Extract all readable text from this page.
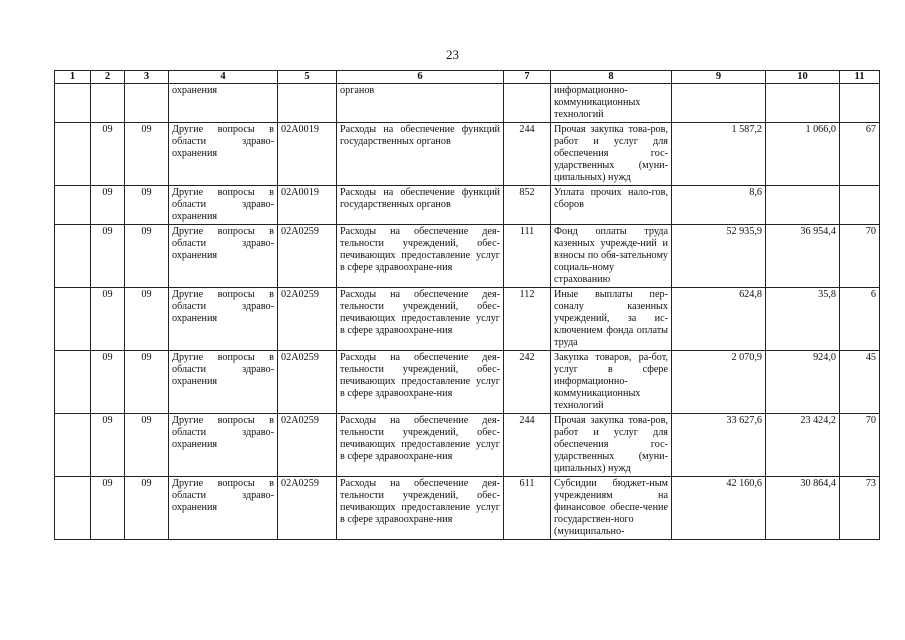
23
1	2	3	4	5	6	7	8	9	10	11
			охранения		органов		информационно-коммуникационных технологий			
	09	09	Другие вопросы в области здраво-охранения	02А0019	Расходы на обеспечение функций государственных органов	244	Прочая закупка това-ров, работ и услуг для обеспечения гос-ударственных (муни-ципальных) нужд	1 587,2	1 066,0	67
	09	09	Другие вопросы в области здраво-охранения	02А0019	Расходы на обеспечение функций государственных органов	852	Уплата прочих нало-гов, сборов	8,6		
	09	09	Другие вопросы в области здраво-охранения	02А0259	Расходы на обеспечение дея-тельности учреждений, обес-печивающих предоставление услуг в сфере здравоохране-ния	111	Фонд оплаты труда казенных учрежде-ний и взносы по обя-зательному социаль-ному страхованию	52 935,9	36 954,4	70
	09	09	Другие вопросы в области здраво-охранения	02А0259	Расходы на обеспечение дея-тельности учреждений, обес-печивающих предоставление услуг в сфере здравоохране-ния	112	Иные выплаты пер-соналу казенных учреждений, за ис-ключением фонда оплаты труда	624,8	35,8	6
	09	09	Другие вопросы в области здраво-охранения	02А0259	Расходы на обеспечение дея-тельности учреждений, обес-печивающих предоставление услуг в сфере здравоохране-ния	242	Закупка товаров, ра-бот, услуг в сфере информационно-коммуникационных технологий	2 070,9	924,0	45
	09	09	Другие вопросы в области здраво-охранения	02А0259	Расходы на обеспечение дея-тельности учреждений, обес-печивающих предоставление услуг в сфере здравоохране-ния	244	Прочая закупка това-ров, работ и услуг для обеспечения гос-ударственных (муни-ципальных) нужд	33 627,6	23 424,2	70
	09	09	Другие вопросы в области здраво-охранения	02А0259	Расходы на обеспечение дея-тельности учреждений, обес-печивающих предоставление услуг в сфере здравоохране-ния	611	Субсидии бюджет-ным учреждениям на финансовое обеспе-чение государствен-ного (муниципально-	42 160,6	30 864,4	73
